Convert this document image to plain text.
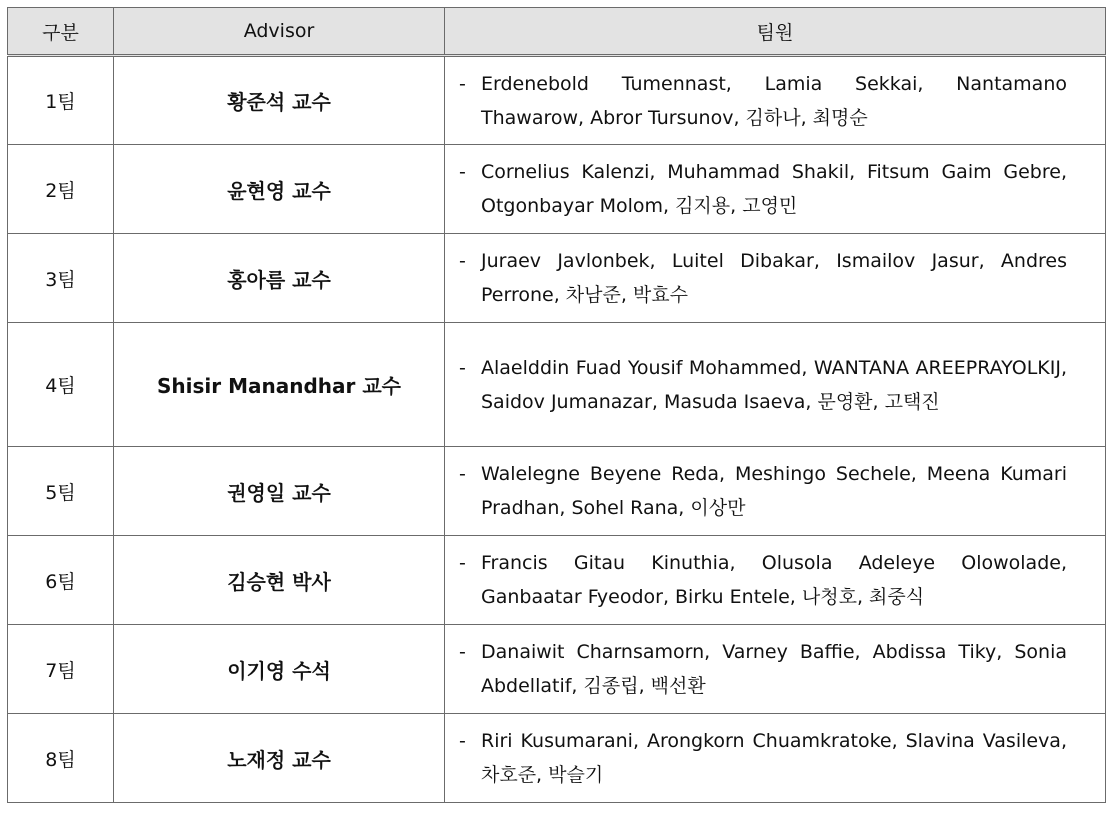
구분	Advisor	팀원
1팀	황준석 교수	- Erdenebold Tumennast, Lamia Sekkai, Nantamano Thawarow, Abror Tursunov, 김하나, 최명순

2팀	윤현영 교수	- Cornelius Kalenzi, Muhammad Shakil, Fitsum Gaim Gebre, Otgonbayar Molom, 김지용, 고영민

3팀	홍아름 교수	- Juraev Javlonbek, Luitel Dibakar, Ismailov Jasur, Andres Perrone, 차남준, 박효수

4팀	Shisir Manandhar 교수	- Alaelddin Fuad Yousif Mohammed, WANTANA AREEPRAYOLKIJ, Saidov Jumanazar, Masuda Isaeva, 문영환, 고택진

5팀	권영일 교수	- Walelegne Beyene Reda, Meshingo Sechele, Meena Kumari Pradhan, Sohel Rana, 이상만

6팀	김승현 박사	- Francis Gitau Kinuthia, Olusola Adeleye Olowolade, Ganbaatar Fyeodor, Birku Entele, 나청호, 최중식

7팀	이기영 수석	- Danaiwit Charnsamorn, Varney Baffie, Abdissa Tiky, Sonia Abdellatif, 김종립, 백선환

8팀	노재정 교수	- Riri Kusumarani, Arongkorn Chuamkratoke, Slavina Vasileva, 차호준, 박슬기
